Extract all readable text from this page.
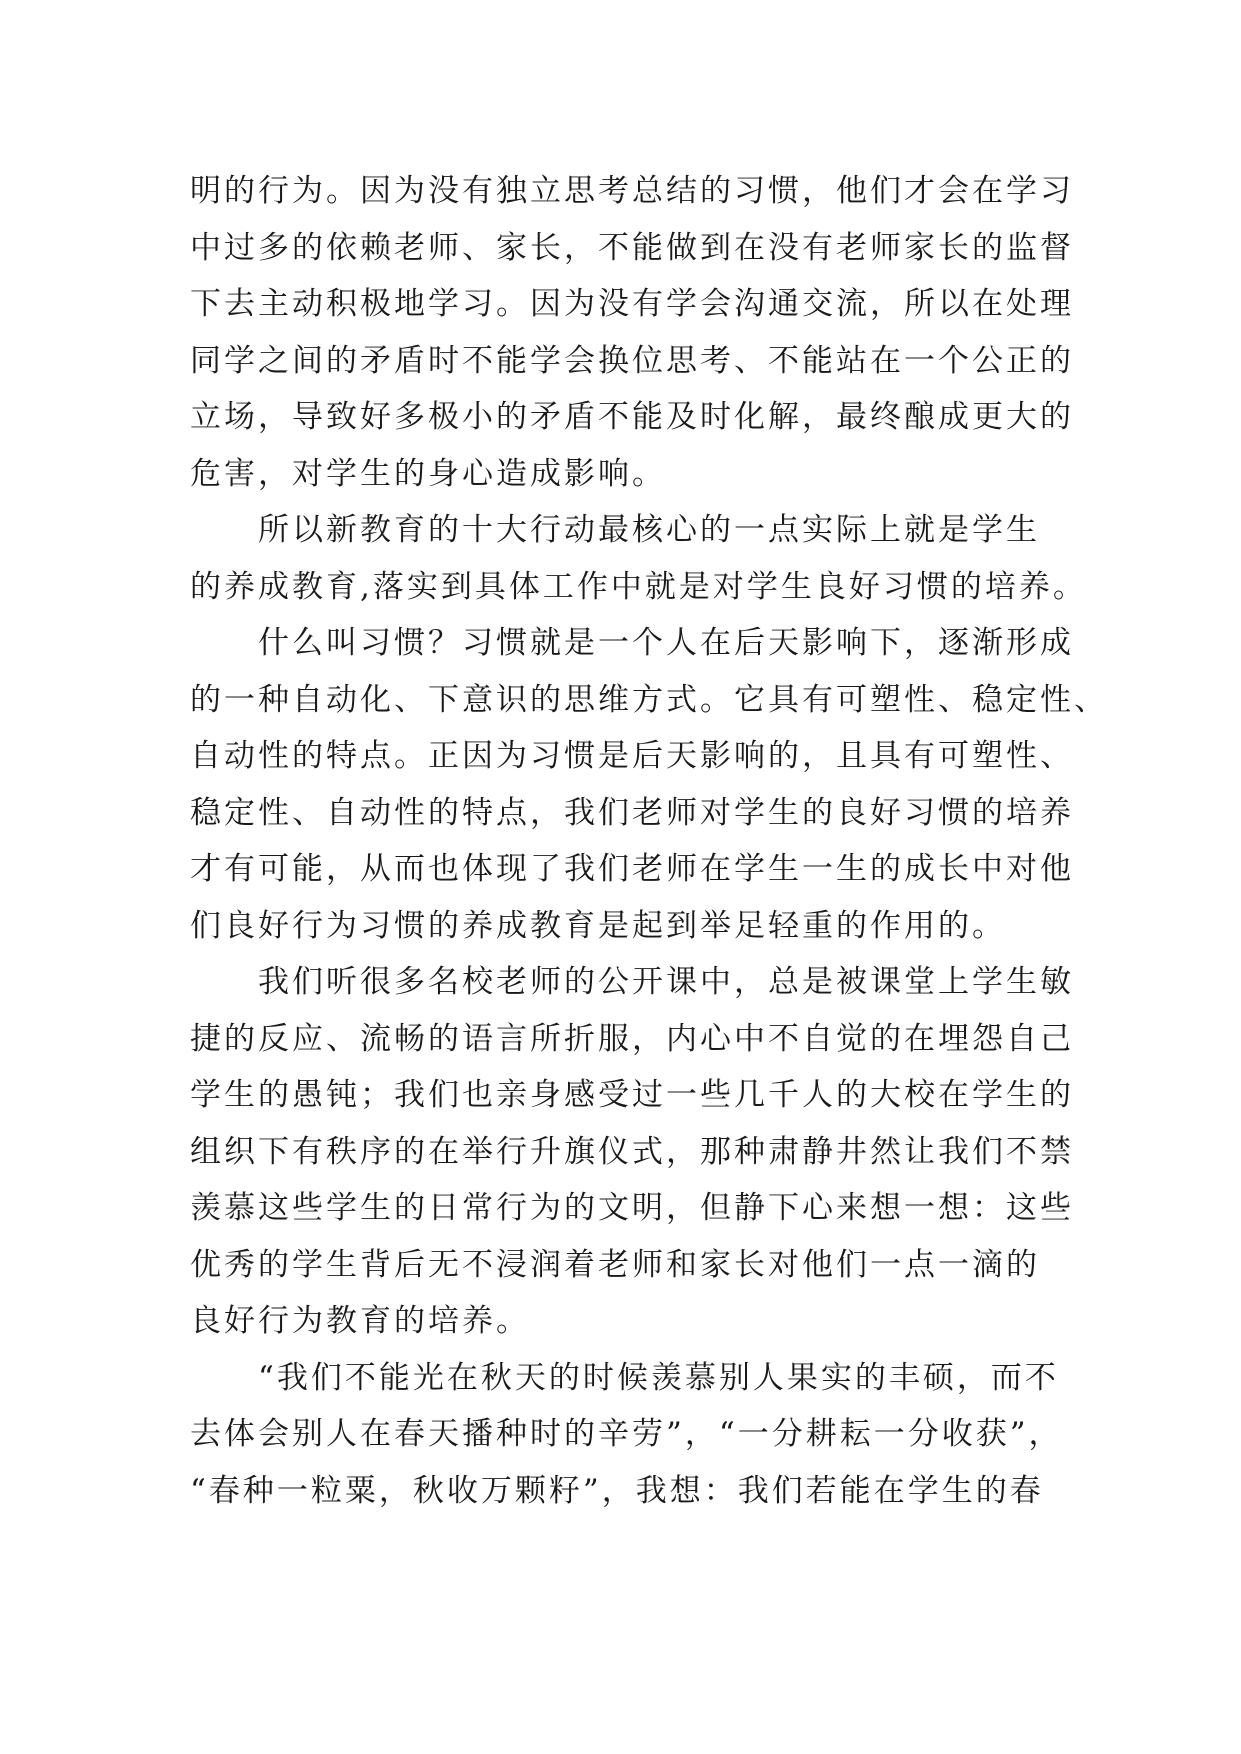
明的行为。因为没有独立思考总结的习惯，他们才会在学习
中过多的依赖老师、家长，不能做到在没有老师家长的监督
下去主动积极地学习。因为没有学会沟通交流，所以在处理
同学之间的矛盾时不能学会换位思考、不能站在一个公正的
立场，导致好多极小的矛盾不能及时化解，最终酿成更大的
危害，对学生的身心造成影响。
　　所以新教育的十大行动最核心的一点实际上就是学生
的养成教育,落实到具体工作中就是对学生良好习惯的培养。
　　什么叫习惯？习惯就是一个人在后天影响下，逐渐形成
的一种自动化、下意识的思维方式。它具有可塑性、稳定性、
自动性的特点。正因为习惯是后天影响的，且具有可塑性、
稳定性、自动性的特点，我们老师对学生的良好习惯的培养
才有可能，从而也体现了我们老师在学生一生的成长中对他
们良好行为习惯的养成教育是起到举足轻重的作用的。
　　我们听很多名校老师的公开课中，总是被课堂上学生敏
捷的反应、流畅的语言所折服，内心中不自觉的在埋怨自己
学生的愚钝；我们也亲身感受过一些几千人的大校在学生的
组织下有秩序的在举行升旗仪式，那种肃静井然让我们不禁
羡慕这些学生的日常行为的文明，但静下心来想一想：这些
优秀的学生背后无不浸润着老师和家长对他们一点一滴的
良好行为教育的培养。
　　“我们不能光在秋天的时候羡慕别人果实的丰硕，而不
去体会别人在春天播种时的辛劳”，“一分耕耘一分收获”，
“春种一粒粟，秋收万颗籽”，我想：我们若能在学生的春
